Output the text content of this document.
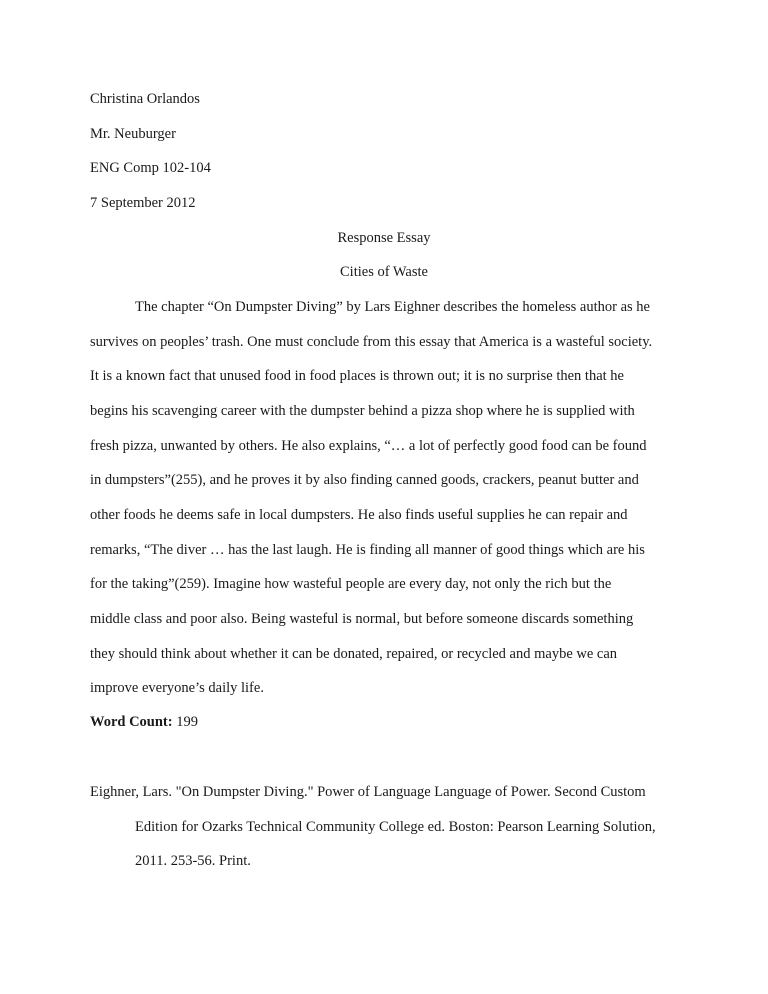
Christina Orlandos
Mr. Neuburger
ENG Comp 102-104
7 September 2012
Response Essay
Cities of Waste
The chapter “On Dumpster Diving” by Lars Eighner describes the homeless author as he
survives on peoples’ trash. One must conclude from this essay that America is a wasteful society.
It is a known fact that unused food in food places is thrown out; it is no surprise then that he
begins his scavenging career with the dumpster behind a pizza shop where he is supplied with
fresh pizza, unwanted by others. He also explains, “… a lot of perfectly good food can be found
in dumpsters”(255), and he proves it by also finding canned goods, crackers, peanut butter and
other foods he deems safe in local dumpsters. He also finds useful supplies he can repair and
remarks, “The diver … has the last laugh. He is finding all manner of good things which are his
for the taking”(259). Imagine how wasteful people are every day, not only the rich but the
middle class and poor also. Being wasteful is normal, but before someone discards something
they should think about whether it can be donated, repaired, or recycled and maybe we can
improve everyone’s daily life.
Word Count: 199
Eighner, Lars. "On Dumpster Diving." Power of Language Language of Power. Second Custom
Edition for Ozarks Technical Community College ed. Boston: Pearson Learning Solution,
2011. 253-56. Print.
